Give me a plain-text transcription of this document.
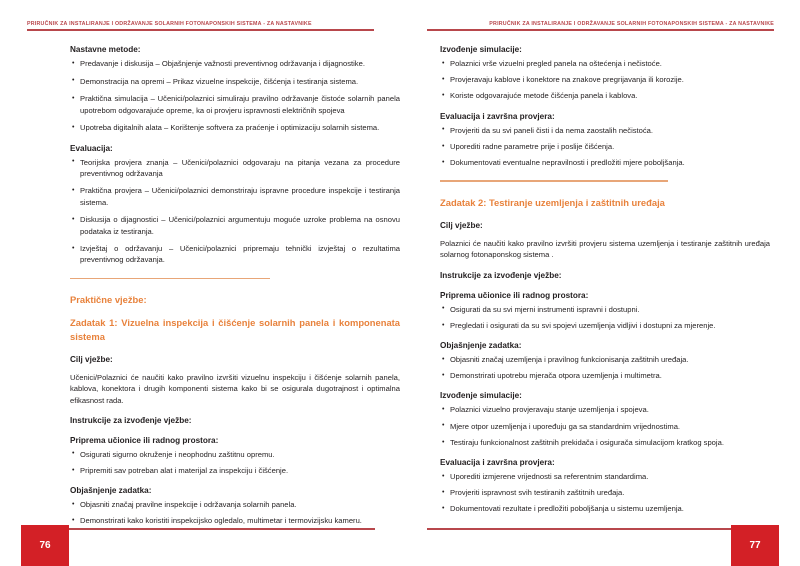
PRIRUČNIK ZA INSTALIRANJE I ODRŽAVANJE SOLARNIH FOTONAPONSKIH SISTEMA - ZA NASTAVNIKE	PRIRUČNIK ZA INSTALIRANJE I ODRŽAVANJE SOLARNIH FOTONAPONSKIH SISTEMA - ZA NASTAVNIKE
Nastavne metode:
• Predavanje i diskusija – Objašnjenje važnosti preventivnog održavanja i dijagnostike.
• Demonstracija na opremi – Prikaz vizuelne inspekcije, čišćenja i testiranja sistema.
• Praktična simulacija – Učenici/polaznici simuliraju pravilno održavanje čistoće solarnih panela upotrebom odgovarajuće opreme, ka oi provjeru ispravnosti električnih spojeva
• Upotreba digitalnih alata – Korištenje softvera za praćenje i optimizaciju solarnih sistema.
Evaluacija:
• Teorijska provjera znanja – Učenici/polaznici odgovaraju na pitanja vezana za procedure preventivnog održavanja
• Praktična provjera – Učenici/polaznici demonstriraju ispravne procedure inspekcije i testiranja sistema.
• Diskusija o dijagnostici – Učenici/polaznici argumentuju moguće uzroke problema na osnovu podataka iz testiranja.
• Izvještaj o održavanju – Učenici/polaznici pripremaju tehnički izvještaj o rezultatima preventivnog održavanja.
Praktične vježbe:
Zadatak 1: Vizuelna inspekcija i čišćenje solarnih panela i komponenata sistema
Cilj vježbe:
Učenici/Polaznici će naučiti kako pravilno izvršiti vizuelnu inspekciju i čišćenje solarnih panela, kablova, konektora i drugih komponenti sistema kako bi se osigurala dugotrajnost i optimalna efikasnost rada.
Instrukcije za izvođenje vježbe:
Priprema učionice ili radnog prostora:
• Osigurati sigurno okruženje i neophodnu zaštitnu opremu.
• Pripremiti sav potreban alat i materijal za inspekciju i čišćenje.
Objašnjenje zadatka:
• Objasniti značaj pravilne inspekcije i održavanja solarnih panela.
• Demonstrirati kako koristiti inspekcijsko ogledalo, multimetar i termovizijsku kameru.
Izvođenje simulacije:
• Polaznici vrše vizuelni pregled panela na oštećenja i nečistoće.
• Provjeravaju kablove i konektore na znakove pregrijavanja ili korozije.
• Koriste odgovarajuće metode čišćenja panela i kablova.
Evaluacija i završna provjera:
• Provjeriti da su svi paneli čisti i da nema zaostalih nečistoća.
• Uporediti radne parametre prije i poslije čišćenja.
• Dokumentovati eventualne nepravilnosti i predložiti mjere poboljšanja.
Zadatak 2: Testiranje uzemljenja i zaštitnih uređaja
Cilj vježbe:
Polaznici će naučiti kako pravilno izvršiti provjeru sistema uzemljenja i testiranje zaštitnih uređaja solarnog fotonaponskog sistema .
Instrukcije za izvođenje vježbe:
Priprema učionice ili radnog prostora:
• Osigurati da su svi mjerni instrumenti ispravni i dostupni.
• Pregledati i osigurati da su svi spojevi uzemljenja vidljivi i dostupni za mjerenje.
Objašnjenje zadatka:
• Objasniti značaj uzemljenja i pravilnog funkcionisanja zaštitnih uređaja.
• Demonstrirati upotrebu mjerača otpora uzemljenja i multimetra.
Izvođenje simulacije:
• Polaznici vizuelno provjeravaju stanje uzemljenja i spojeva.
• Mjere otpor uzemljenja i upoređuju ga sa standardnim vrijednostima.
• Testiraju funkcionalnost zaštitnih prekidača i osigurača simulacijom kratkog spoja.
Evaluacija i završna provjera:
• Uporediti izmjerene vrijednosti sa referentnim standardima.
• Provjeriti ispravnost svih testiranih zaštitnih uređaja.
• Dokumentovati rezultate i predložiti poboljšanja u sistemu uzemljenja.
76	77
